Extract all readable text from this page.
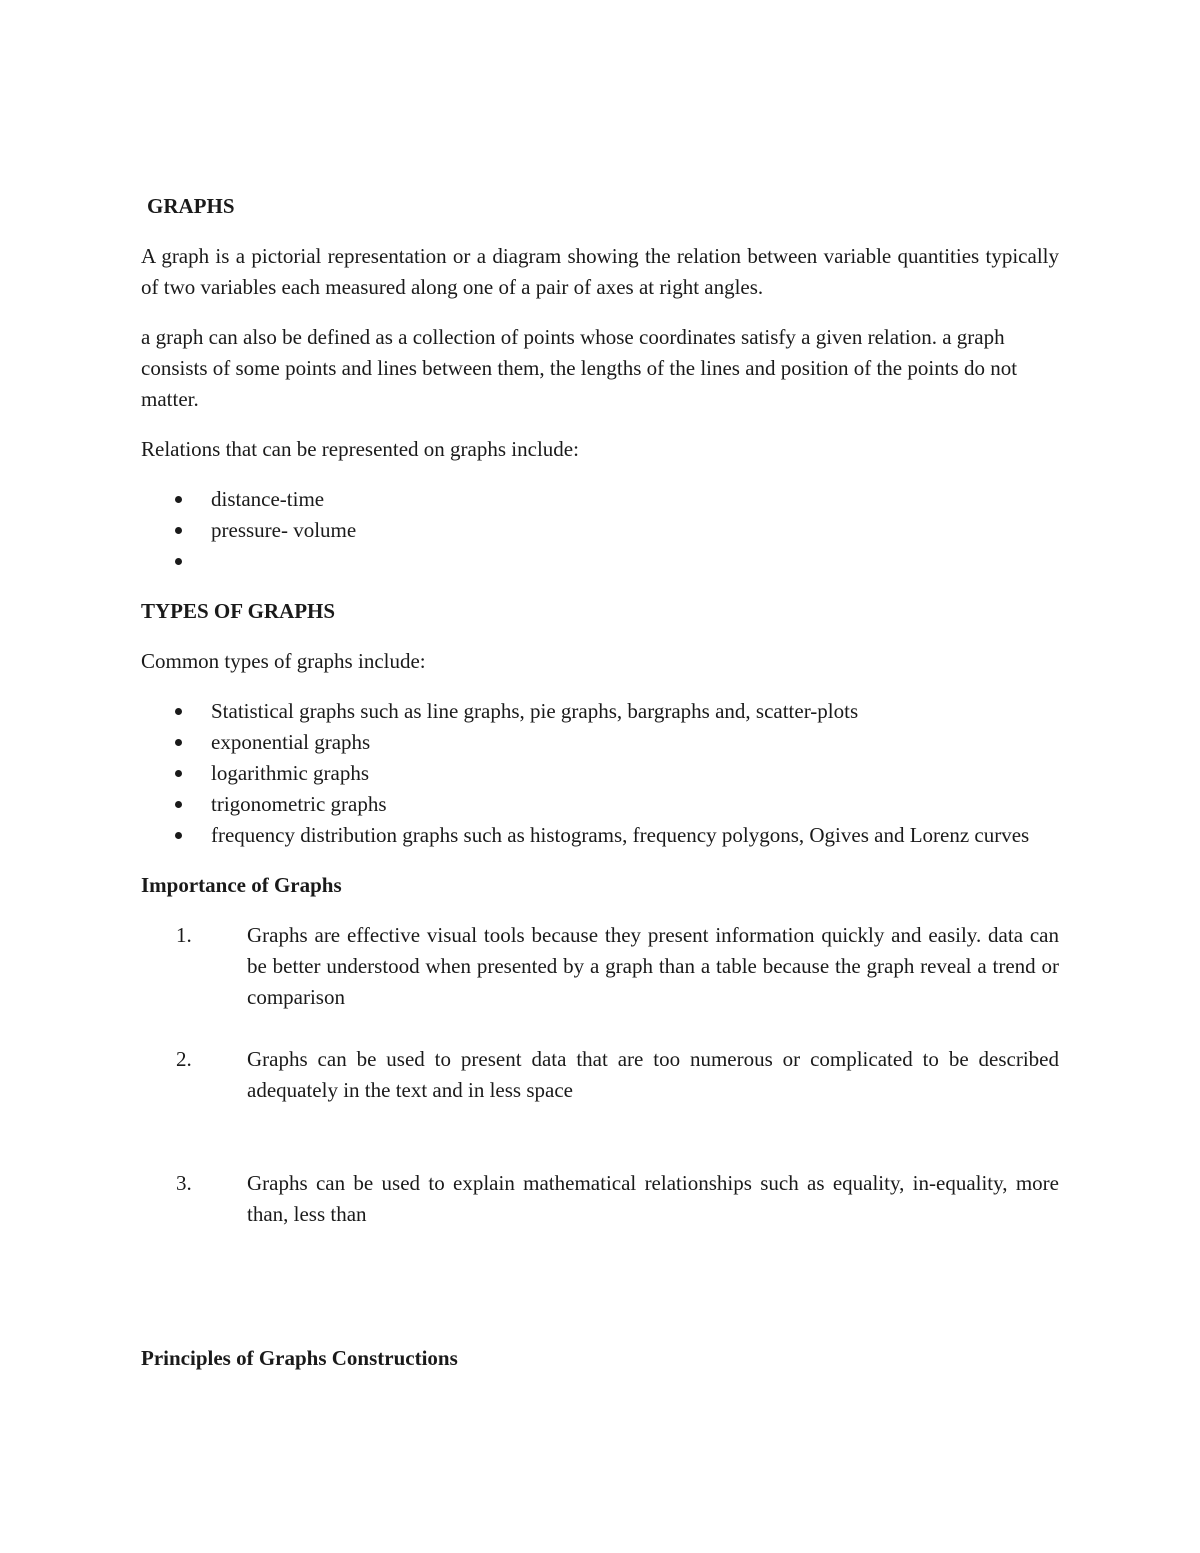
GRAPHS

A graph is a pictorial representation or a diagram showing the relation between variable quantities typically of two variables each measured along one of a pair of axes at right angles.

a graph can also be defined as a collection of points whose coordinates satisfy a given relation. a graph consists of some points and lines between them, the lengths of the lines and position of the points do not matter.

Relations that can be represented on graphs include:

distance-time
pressure- volume
TYPES OF GRAPHS

Common types of graphs include:

Statistical graphs such as line graphs, pie graphs, bargraphs and, scatter-plots
exponential graphs
logarithmic graphs
trigonometric graphs
frequency distribution graphs such as histograms, frequency polygons, Ogives and Lorenz curves
Importance of Graphs
1.	Graphs are effective visual tools because they present information quickly and easily. data can be better understood when presented by a graph than a table because the graph reveal a trend or comparison
2.	Graphs can be used to present data that are too numerous or complicated to be described adequately in the text and in less space
3.	Graphs can be used to explain mathematical relationships such as equality, in-equality, more than, less than
Principles of Graphs Constructions
